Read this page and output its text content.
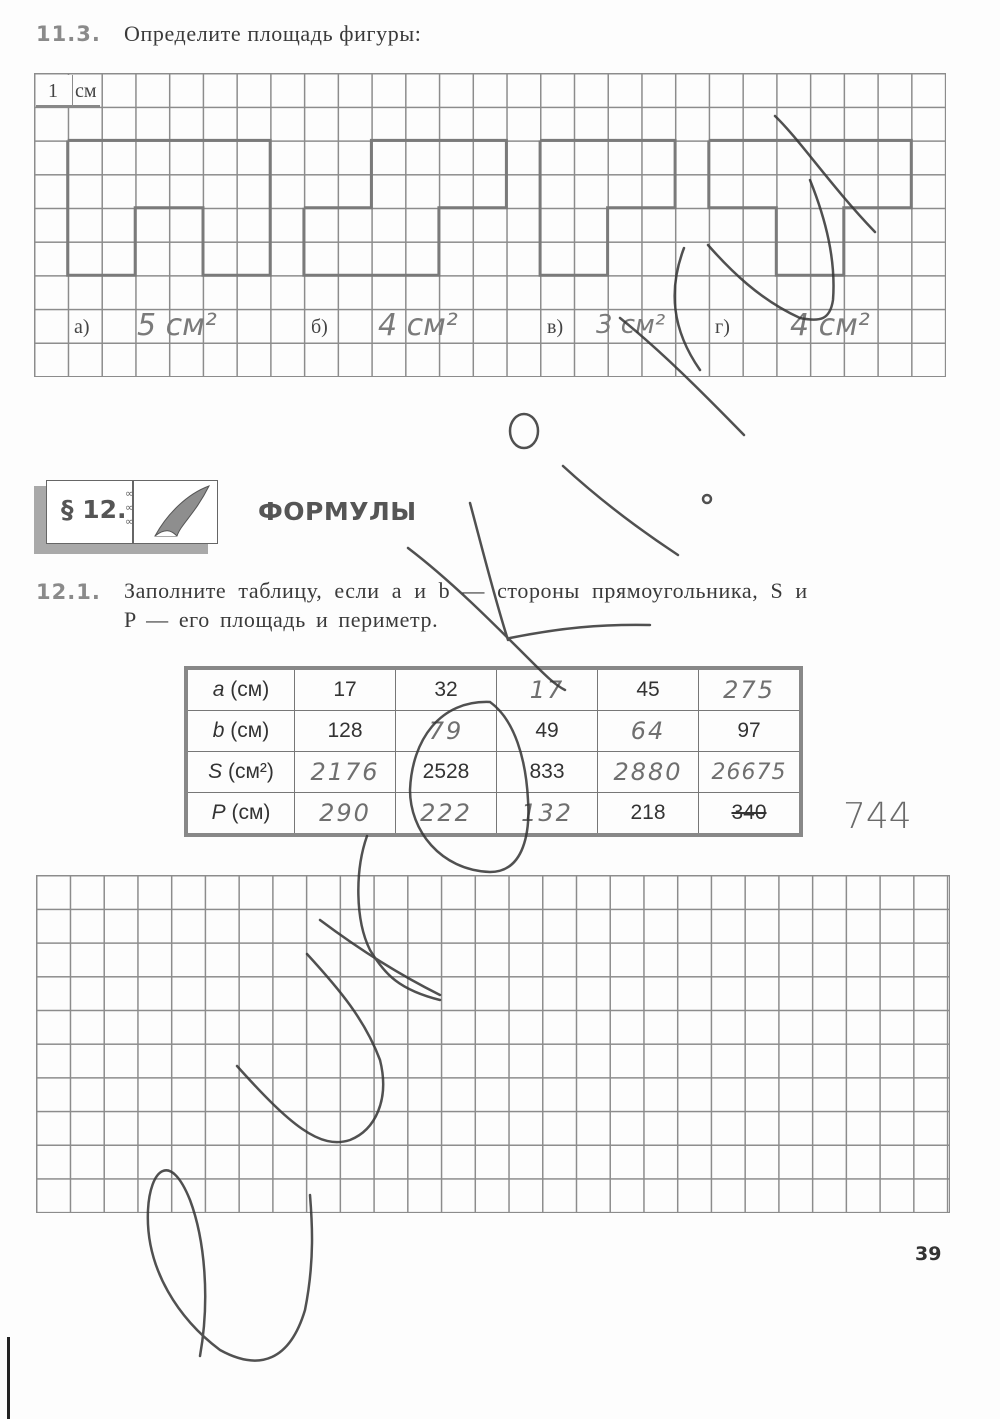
11.3. Определите площадь фигуры:
1 см
а) 5 см²	б) 4 см²	в) 3 см² г) 4 см²
§ 12.
∞
∞
∞	ФОРМУЛЫ
12.1. Заполните таблицу, если a и b — стороны прямоугольника, S и
P — его площадь и периметр.
a (см)	17	32	17	45	275
b (см)	128	79	49	64	97
S (см²)	2176	2528	833	2880	26675
P (см)	290	222	132	218	340 744
39
